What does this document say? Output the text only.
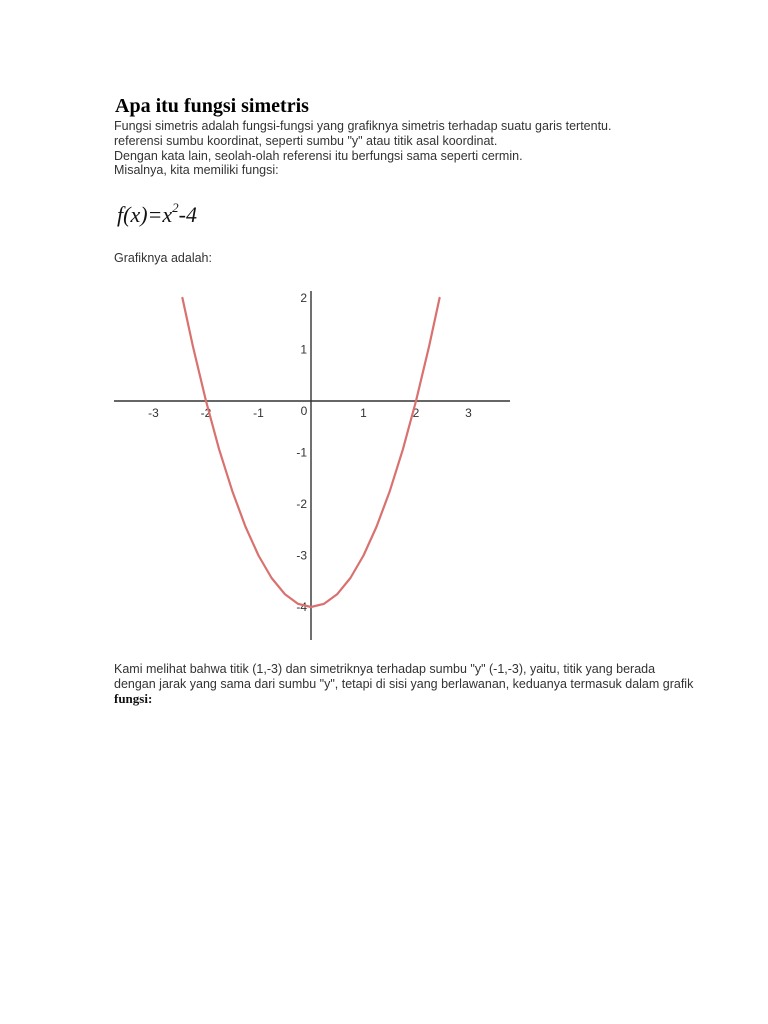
Apa itu fungsi simetris
Fungsi simetris adalah fungsi-fungsi yang grafiknya simetris terhadap suatu garis tertentu.
referensi sumbu koordinat, seperti sumbu "y" atau titik asal koordinat.
Dengan kata lain, seolah-olah referensi itu berfungsi sama seperti cermin.
Misalnya, kita memiliki fungsi:
$f(x)=x^2-4$
Grafiknya adalah:
-3	-2	-1	0	1	2	3
2
1
-1
-2
-3
-4
Kami melihat bahwa titik (1,-3) dan simetriknya terhadap sumbu "y" (-1,-3), yaitu, titik yang berada
dengan jarak yang sama dari sumbu "y", tetapi di sisi yang berlawanan, keduanya termasuk dalam grafik
fungsi:
